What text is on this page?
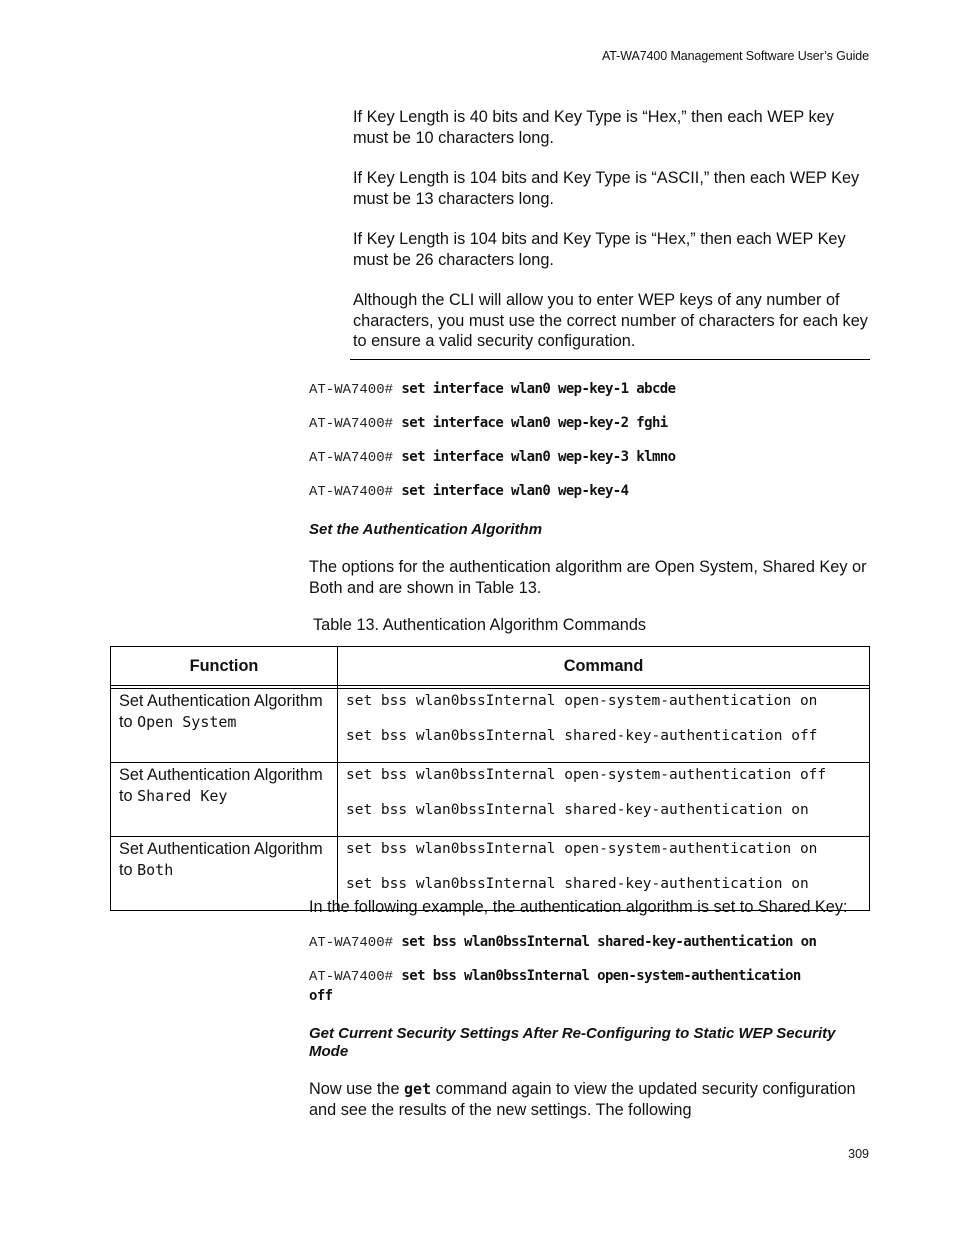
AT-WA7400 Management Software User’s Guide

If Key Length is 40 bits and Key Type is “Hex,” then each WEP key must be 10 characters long.

If Key Length is 104 bits and Key Type is “ASCII,” then each WEP Key must be 13 characters long.

If Key Length is 104 bits and Key Type is “Hex,” then each WEP Key must be 26 characters long.

Although the CLI will allow you to enter WEP keys of any number of characters, you must use the correct number of characters for each key to ensure a valid security configuration.

AT-WA7400# set interface wlan0 wep-key-1 abcde
AT-WA7400# set interface wlan0 wep-key-2 fghi
AT-WA7400# set interface wlan0 wep-key-3 klmno
AT-WA7400# set interface wlan0 wep-key-4
Set the Authentication Algorithm
The options for the authentication algorithm are Open System, Shared Key or Both and are shown in Table 13.
Table 13. Authentication Algorithm Commands
Function	Command

Set Authentication Algorithm to Open System	set bss wlan0bssInternal open-system-authentication on
set bss wlan0bssInternal shared-key-authentication off

Set Authentication Algorithm to Shared Key	set bss wlan0bssInternal open-system-authentication off
set bss wlan0bssInternal shared-key-authentication on

Set Authentication Algorithm to Both	set bss wlan0bssInternal open-system-authentication on
set bss wlan0bssInternal shared-key-authentication on
In the following example, the authentication algorithm is set to Shared Key:
AT-WA7400# set bss wlan0bssInternal shared-key-authentication on
AT-WA7400# set bss wlan0bssInternal open-system-authentication
off
Get Current Security Settings After Re-Configuring to Static WEP Security Mode
Now use the get command again to view the updated security configuration and see the results of the new settings. The following
309
